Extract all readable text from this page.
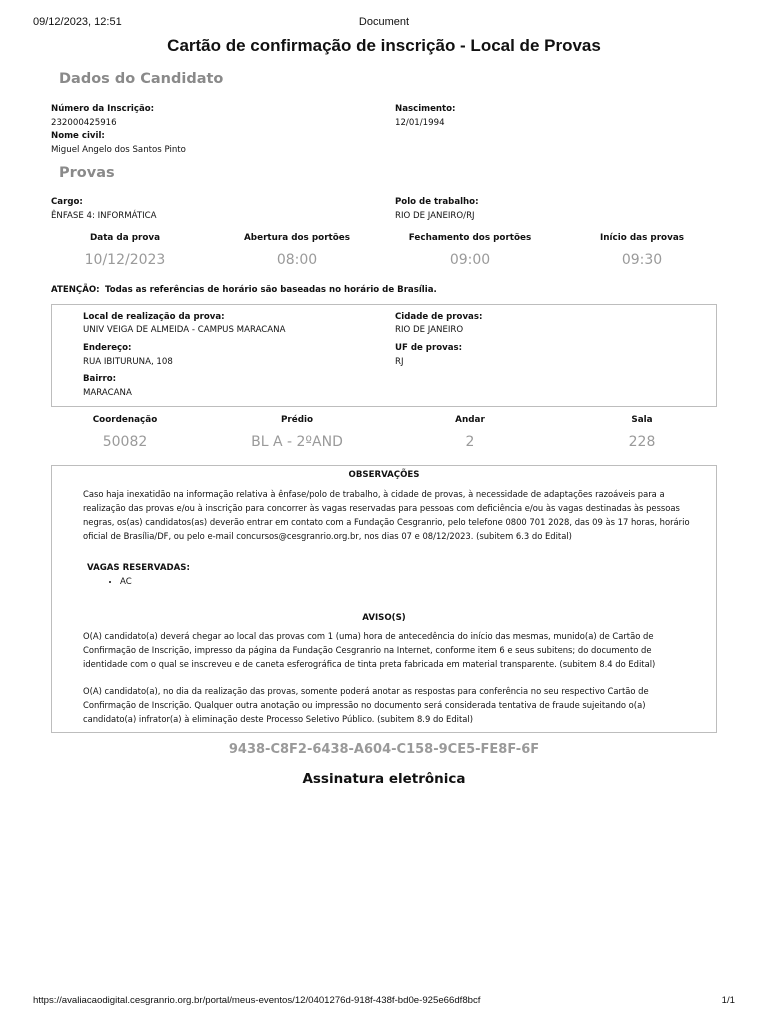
09/12/2023, 12:51	Document
Cartão de confirmação de inscrição - Local de Provas
Dados do Candidato
Número da Inscrição:
232000425916
Nascimento:
12/01/1994
Nome civil:
Miguel Angelo dos Santos Pinto
Provas
Cargo:
ÊNFASE 4: INFORMÁTICA
Polo de trabalho:
RIO DE JANEIRO/RJ
Data da prova	Abertura dos portões	Fechamento dos portões	Início das provas
10/12/2023	08:00	09:00	09:30
ATENÇÃO: Todas as referências de horário são baseadas no horário de Brasília.
Local de realização da prova:
UNIV VEIGA DE ALMEIDA - CAMPUS MARACANA
Cidade de provas:
RIO DE JANEIRO
Endereço:
RUA IBITURUNA, 108
UF de provas:
RJ
Bairro:
MARACANA
Coordenação	Prédio	Andar	Sala
50082	BL A - 2ºAND	2	228
OBSERVAÇÕES
Caso haja inexatidão na informação relativa à ênfase/polo de trabalho, à cidade de provas, à necessidade de adaptações razoáveis para a realização das provas e/ou à inscrição para concorrer às vagas reservadas para pessoas com deficiência e/ou às vagas destinadas às pessoas negras, os(as) candidatos(as) deverão entrar em contato com a Fundação Cesgranrio, pelo telefone 0800 701 2028, das 09 às 17 horas, horário oficial de Brasília/DF, ou pelo e-mail concursos@cesgranrio.org.br, nos dias 07 e 08/12/2023. (subitem 6.3 do Edital)
VAGAS RESERVADAS:
• AC
AVISO(S)
O(A) candidato(a) deverá chegar ao local das provas com 1 (uma) hora de antecedência do início das mesmas, munido(a) de Cartão de Confirmação de Inscrição, impresso da página da Fundação Cesgranrio na Internet, conforme item 6 e seus subitens; do documento de identidade com o qual se inscreveu e de caneta esferográfica de tinta preta fabricada em material transparente. (subitem 8.4 do Edital)
O(A) candidato(a), no dia da realização das provas, somente poderá anotar as respostas para conferência no seu respectivo Cartão de Confirmação de Inscrição. Qualquer outra anotação ou impressão no documento será considerada tentativa de fraude sujeitando o(a) candidato(a) infrator(a) à eliminação deste Processo Seletivo Público. (subitem 8.9 do Edital)
9438-C8F2-6438-A604-C158-9CE5-FE8F-6F
Assinatura eletrônica
https://avaliacaodigital.cesgranrio.org.br/portal/meus-eventos/12/0401276d-918f-438f-bd0e-925e66df8bcf	1/1
